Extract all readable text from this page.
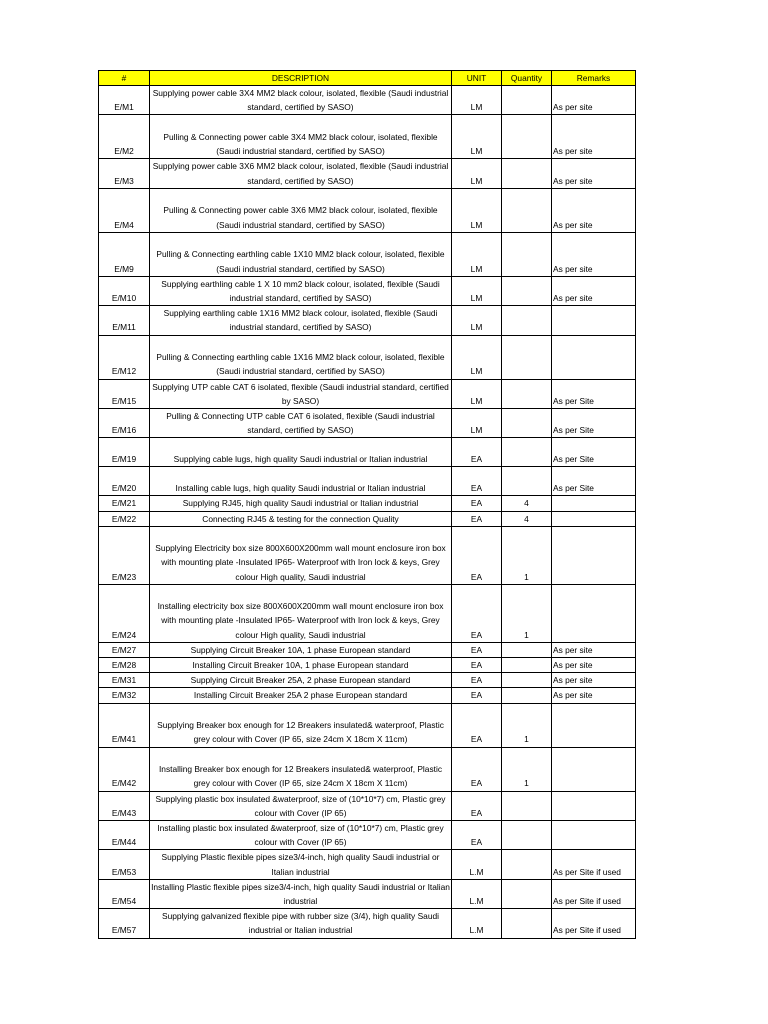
#	DESCRIPTION	UNIT	Quantity	Remarks
E/M1	Supplying power cable 3X4 MM2 black colour, isolated, flexible (Saudi industrial standard, certified by SASO)	LM		As per site
E/M2	Pulling & Connecting power cable 3X4 MM2 black colour, isolated, flexible (Saudi industrial standard, certified by SASO)	LM		As per site
E/M3	Supplying power cable 3X6 MM2 black colour, isolated, flexible (Saudi industrial standard, certified by SASO)	LM		As per site
E/M4	Pulling & Connecting power cable 3X6 MM2 black colour, isolated, flexible (Saudi industrial standard, certified by SASO)	LM		As per site
E/M9	Pulling & Connecting earthling cable 1X10 MM2 black colour, isolated, flexible (Saudi industrial standard, certified by SASO)	LM		As per site
E/M10	Supplying earthling cable 1 X 10 mm2 black colour, isolated, flexible (Saudi industrial standard, certified by SASO)	LM		As per site
E/M11	Supplying earthling cable 1X16 MM2 black colour, isolated, flexible (Saudi industrial standard, certified by SASO)	LM		
E/M12	Pulling & Connecting earthling cable 1X16 MM2 black colour, isolated, flexible (Saudi industrial standard, certified by SASO)	LM		
E/M15	Supplying UTP cable CAT 6 isolated, flexible (Saudi industrial standard, certified by SASO)	LM		As per Site
E/M16	Pulling & Connecting UTP cable CAT 6 isolated, flexible (Saudi industrial standard, certified by SASO)	LM		As per Site
E/M19	Supplying cable lugs, high quality Saudi industrial or Italian industrial	EA		As per Site
E/M20	Installing cable lugs, high quality Saudi industrial or Italian industrial	EA		As per Site
E/M21	Supplying RJ45, high quality Saudi industrial or Italian industrial	EA	4	
E/M22	Connecting RJ45 & testing for the connection Quality	EA	4	
E/M23	Supplying Electricity box size 800X600X200mm wall mount enclosure iron box with mounting plate -Insulated IP65- Waterproof with Iron lock & keys, Grey colour High quality, Saudi industrial	EA	1	
E/M24	Installing electricity box size 800X600X200mm wall mount enclosure iron box with mounting plate -Insulated IP65- Waterproof with Iron lock & keys, Grey colour High quality, Saudi industrial	EA	1	
E/M27	Supplying Circuit Breaker 10A, 1 phase European standard	EA		As per site
E/M28	Installing Circuit Breaker 10A, 1 phase European standard	EA		As per site
E/M31	Supplying Circuit Breaker 25A, 2 phase European standard	EA		As per site
E/M32	Installing Circuit Breaker 25A 2 phase European standard	EA		As per site
E/M41	Supplying Breaker box enough for 12 Breakers insulated& waterproof, Plastic grey colour with Cover (IP 65, size 24cm X 18cm X 11cm)	EA	1	
E/M42	Installing Breaker box enough for 12 Breakers insulated& waterproof, Plastic grey colour with Cover (IP 65, size 24cm X 18cm X 11cm)	EA	1	
E/M43	Supplying plastic box insulated &waterproof, size of (10*10*7) cm, Plastic grey colour with Cover (IP 65)	EA		
E/M44	Installing plastic box insulated &waterproof, size of (10*10*7) cm, Plastic grey colour with Cover (IP 65)	EA		
E/M53	Supplying Plastic flexible pipes size3/4-inch, high quality Saudi industrial or Italian industrial	L.M		As per Site if used
E/M54	Installing Plastic flexible pipes size3/4-inch, high quality Saudi industrial or Italian industrial	L.M		As per Site if used
E/M57	Supplying galvanized flexible pipe with rubber size (3/4), high quality Saudi industrial or Italian industrial	L.M		As per Site if used
